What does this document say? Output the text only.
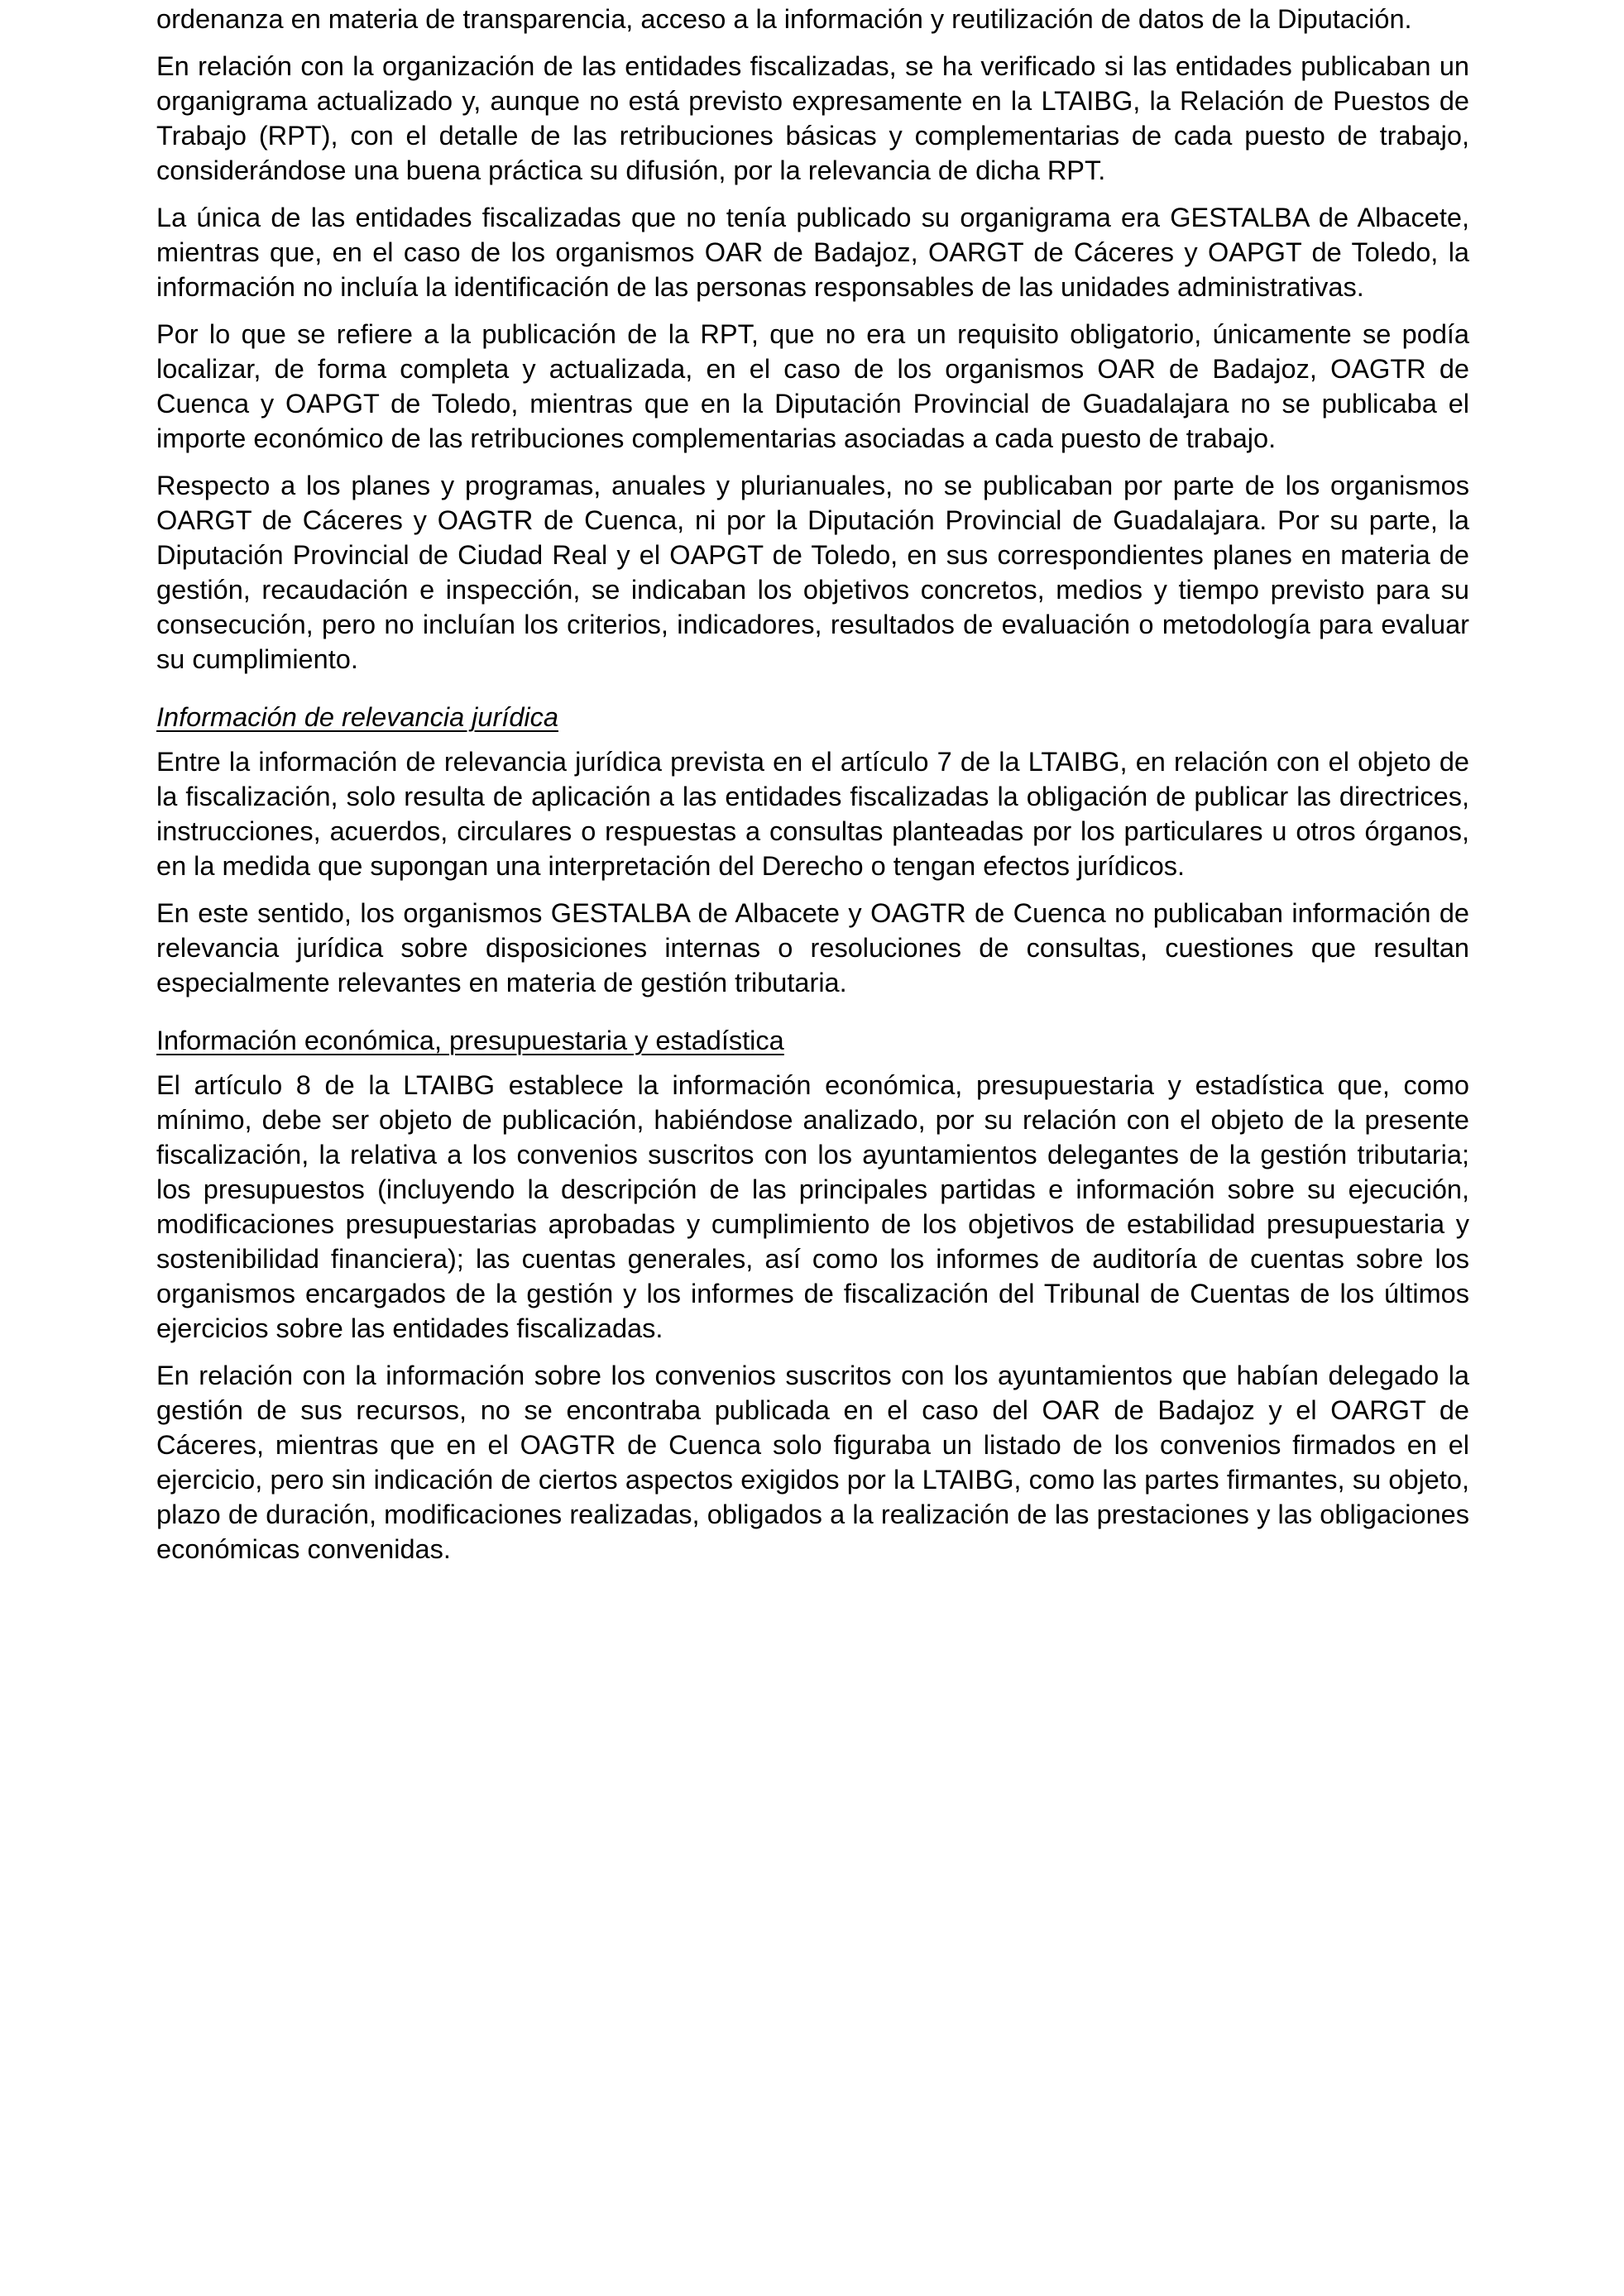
ordenanza en materia de transparencia, acceso a la información y reutilización de datos de la Diputación.

En relación con la organización de las entidades fiscalizadas, se ha verificado si las entidades publicaban un organigrama actualizado y, aunque no está previsto expresamente en la LTAIBG, la Relación de Puestos de Trabajo (RPT), con el detalle de las retribuciones básicas y complementarias de cada puesto de trabajo, considerándose una buena práctica su difusión, por la relevancia de dicha RPT.

La única de las entidades fiscalizadas que no tenía publicado su organigrama era GESTALBA de Albacete, mientras que, en el caso de los organismos OAR de Badajoz, OARGT de Cáceres y OAPGT de Toledo, la información no incluía la identificación de las personas responsables de las unidades administrativas.

Por lo que se refiere a la publicación de la RPT, que no era un requisito obligatorio, únicamente se podía localizar, de forma completa y actualizada, en el caso de los organismos OAR de Badajoz, OAGTR de Cuenca y OAPGT de Toledo, mientras que en la Diputación Provincial de Guadalajara no se publicaba el importe económico de las retribuciones complementarias asociadas a cada puesto de trabajo.

Respecto a los planes y programas, anuales y plurianuales, no se publicaban por parte de los organismos OARGT de Cáceres y OAGTR de Cuenca, ni por la Diputación Provincial de Guadalajara. Por su parte, la Diputación Provincial de Ciudad Real y el OAPGT de Toledo, en sus correspondientes planes en materia de gestión, recaudación e inspección, se indicaban los objetivos concretos, medios y tiempo previsto para su consecución, pero no incluían los criterios, indicadores, resultados de evaluación o metodología para evaluar su cumplimiento.

Información de relevancia jurídica

Entre la información de relevancia jurídica prevista en el artículo 7 de la LTAIBG, en relación con el objeto de la fiscalización, solo resulta de aplicación a las entidades fiscalizadas la obligación de publicar las directrices, instrucciones, acuerdos, circulares o respuestas a consultas planteadas por los particulares u otros órganos, en la medida que supongan una interpretación del Derecho o tengan efectos jurídicos.

En este sentido, los organismos GESTALBA de Albacete y OAGTR de Cuenca no publicaban información de relevancia jurídica sobre disposiciones internas o resoluciones de consultas, cuestiones que resultan especialmente relevantes en materia de gestión tributaria.

Información económica, presupuestaria y estadística

El artículo 8 de la LTAIBG establece la información económica, presupuestaria y estadística que, como mínimo, debe ser objeto de publicación, habiéndose analizado, por su relación con el objeto de la presente fiscalización, la relativa a los convenios suscritos con los ayuntamientos delegantes de la gestión tributaria; los presupuestos (incluyendo la descripción de las principales partidas e información sobre su ejecución, modificaciones presupuestarias aprobadas y cumplimiento de los objetivos de estabilidad presupuestaria y sostenibilidad financiera); las cuentas generales, así como los informes de auditoría de cuentas sobre los organismos encargados de la gestión y los informes de fiscalización del Tribunal de Cuentas de los últimos ejercicios sobre las entidades fiscalizadas.

En relación con la información sobre los convenios suscritos con los ayuntamientos que habían delegado la gestión de sus recursos, no se encontraba publicada en el caso del OAR de Badajoz y el OARGT de Cáceres, mientras que en el OAGTR de Cuenca solo figuraba un listado de los convenios firmados en el ejercicio, pero sin indicación de ciertos aspectos exigidos por la LTAIBG, como las partes firmantes, su objeto, plazo de duración, modificaciones realizadas, obligados a la realización de las prestaciones y las obligaciones económicas convenidas.
